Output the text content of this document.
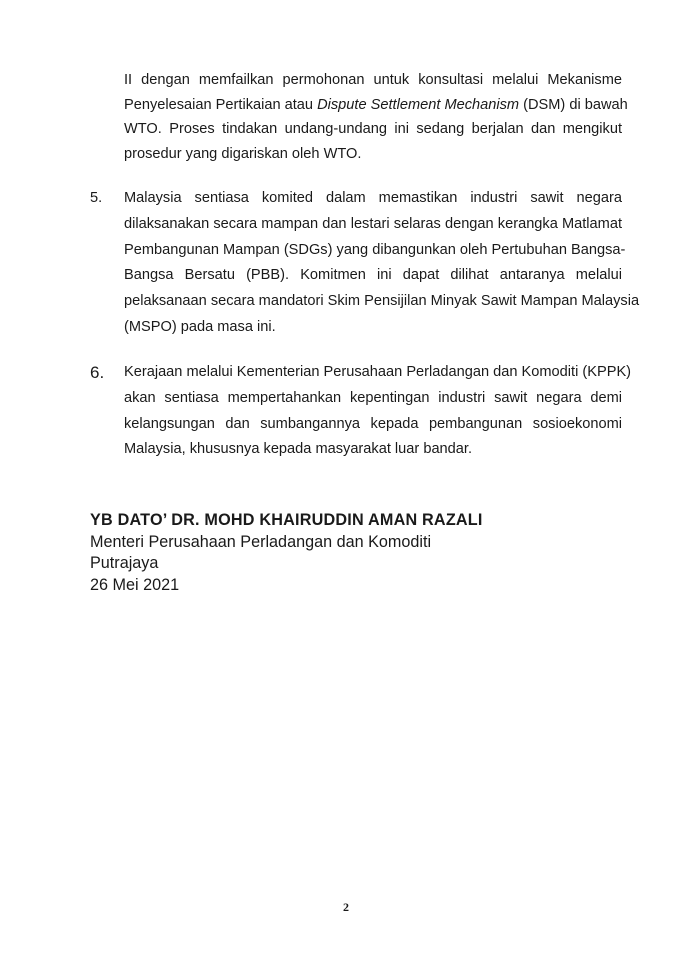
II dengan memfailkan permohonan untuk konsultasi melalui Mekanisme
Penyelesaian Pertikaian atau Dispute Settlement Mechanism (DSM) di bawah
WTO. Proses tindakan undang-undang ini sedang berjalan dan mengikut
prosedur yang digariskan oleh WTO.
5. Malaysia sentiasa komited dalam memastikan industri sawit negara
dilaksanakan secara mampan dan lestari selaras dengan kerangka Matlamat
Pembangunan Mampan (SDGs) yang dibangunkan oleh Pertubuhan Bangsa-
Bangsa Bersatu (PBB). Komitmen ini dapat dilihat antaranya melalui
pelaksanaan secara mandatori Skim Pensijilan Minyak Sawit Mampan Malaysia
(MSPO) pada masa ini.
6. Kerajaan melalui Kementerian Perusahaan Perladangan dan Komoditi (KPPK)
akan sentiasa mempertahankan kepentingan industri sawit negara demi
kelangsungan dan sumbangannya kepada pembangunan sosioekonomi
Malaysia, khususnya kepada masyarakat luar bandar.
YB DATO’ DR. MOHD KHAIRUDDIN AMAN RAZALI
Menteri Perusahaan Perladangan dan Komoditi
Putrajaya
26 Mei 2021
2
